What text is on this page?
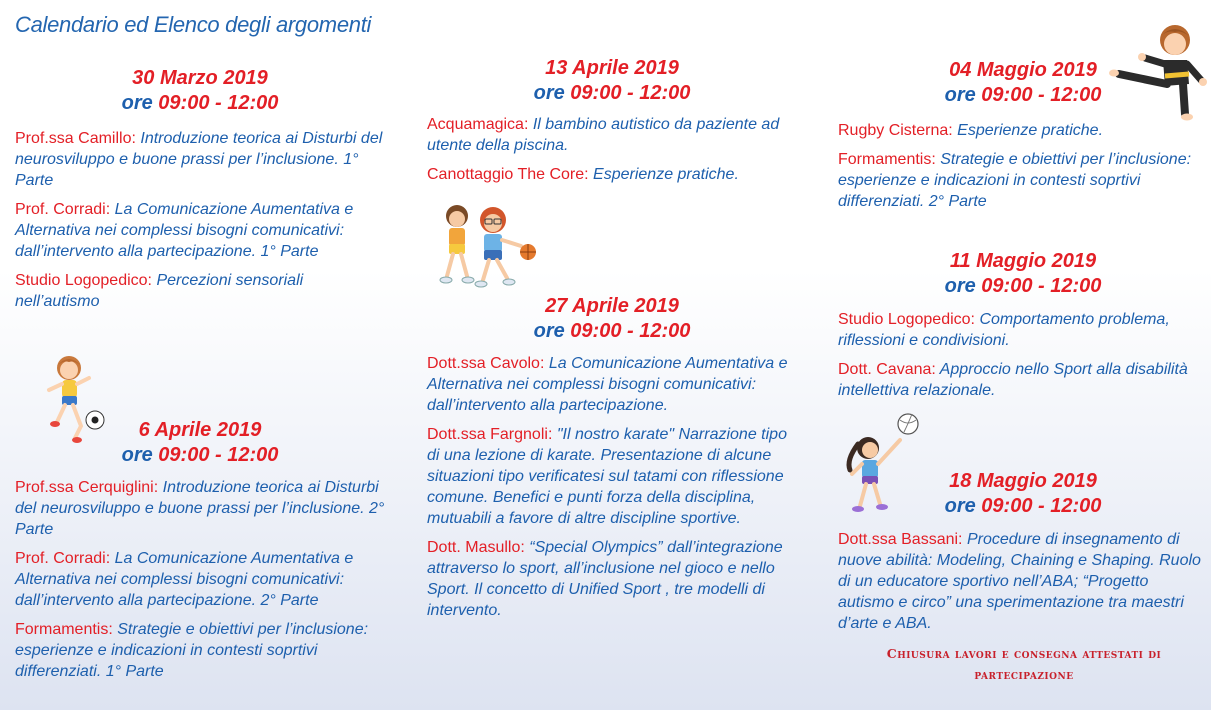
Calendario ed Elenco degli argomenti
30 Marzo 2019
ore 09:00 - 12:00
Prof.ssa Camillo: Introduzione teorica ai Disturbi del neurosviluppo e buone prassi per l’inclusione. 1° Parte
Prof. Corradi: La Comunicazione Aumentativa e Alternativa nei complessi bisogni comunicativi: dall’intervento alla partecipazione. 1° Parte
Studio Logopedico: Percezioni sensoriali nell’autismo
6 Aprile 2019
ore 09:00 - 12:00
Prof.ssa Cerquiglini: Introduzione teorica ai Disturbi del neurosviluppo e buone prassi per l’inclusione. 2° Parte
Prof. Corradi: La Comunicazione Aumentativa e Alternativa nei complessi bisogni comunicativi: dall’intervento alla partecipazione. 2° Parte
Formamentis: Strategie e obiettivi per l’inclusione: esperienze e indicazioni in contesti soprtivi differenziati. 1° Parte
13 Aprile 2019
ore 09:00 - 12:00
Acquamagica: Il bambino autistico da paziente ad utente della piscina.
Canottaggio The Core: Esperienze pratiche.
27 Aprile 2019
ore 09:00 - 12:00
Dott.ssa Cavolo: La Comunicazione Aumentativa e Alternativa nei complessi bisogni comunicativi: dall’intervento alla partecipazione.
Dott.ssa Fargnoli: "Il nostro karate" Narrazione tipo di una lezione di karate. Presentazione di alcune situazioni tipo verificatesi sul tatami con riflessione comune. Benefici e punti forza della disciplina, mutuabili a favore di altre discipline sportive.
Dott. Masullo: “Special Olympics” dall’integrazione attraverso lo sport, all’inclusione nel gioco e nello Sport. Il concetto di Unified Sport , tre modelli di intervento.
04 Maggio 2019
ore 09:00 - 12:00
Rugby Cisterna: Esperienze pratiche.
Formamentis: Strategie e obiettivi per l’inclusione: esperienze e indicazioni in contesti soprtivi differenziati. 2° Parte
11 Maggio 2019
ore 09:00 - 12:00
Studio Logopedico: Comportamento problema, riflessioni e condivisioni.
Dott. Cavana: Approccio nello Sport alla disabilità intellettiva relazionale.
18 Maggio 2019
ore 09:00 - 12:00
Dott.ssa Bassani: Procedure di insegnamento di nuove abilità: Modeling, Chaining e Shaping. Ruolo di un educatore sportivo nell’ABA; “Progetto autismo e circo” una sperimentazione tra maestri d’arte e ABA.
Chiusura lavori e consegna attestati di partecipazione
